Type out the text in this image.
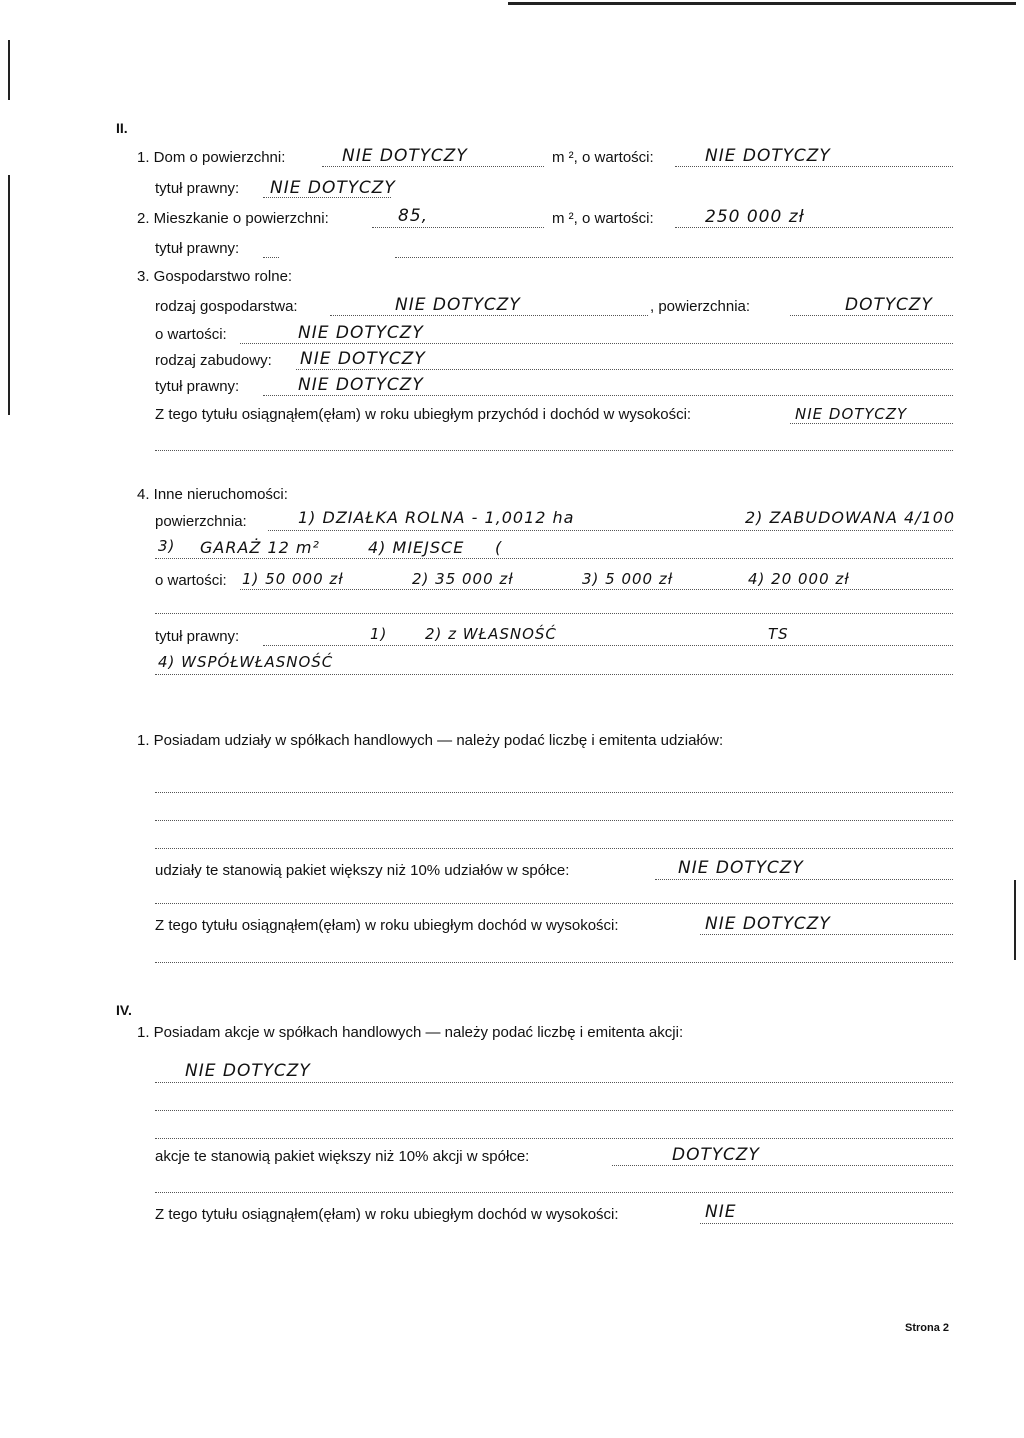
II.
1. Dom o powierzchni:	NIE DOTYCZY	m ², o wartości:	NIE DOTYCZY
tytuł prawny: NIE DOTYCZY
2. Mieszkanie o powierzchni:	85,	m ², o wartości:	250 000 zł
tytuł prawny:
3. Gospodarstwo rolne:
rodzaj gospodarstwa:	NIE DOTYCZY	, powierzchnia:	DOTYCZY
o wartości:	NIE DOTYCZY
rodzaj zabudowy: NIE DOTYCZY
tytuł prawny:	NIE DOTYCZY
Z tego tytułu osiągnąłem(ęłam) w roku ubiegłym przychód i dochód w wysokości:	NIE DOTYCZY
4. Inne nieruchomości:
powierzchnia:	1) DZIAŁKA ROLNA - 1,0012 ha	2) ZABUDOWANA 4/100
3) GARAŻ 12 m²	4) MIEJSCE (
o wartości: 1) 50 000 zł	2) 35 000 zł	3) 5 000 zł	4) 20 000 zł
tytuł prawny:	1)	2) z WŁASNOŚĆ	TS
4) WSPÓŁWŁASNOŚĆ
1. Posiadam udziały w spółkach handlowych — należy podać liczbę i emitenta udziałów:
udziały te stanowią pakiet większy niż 10% udziałów w spółce:	NIE DOTYCZY
Z tego tytułu osiągnąłem(ęłam) w roku ubiegłym dochód w wysokości:	NIE DOTYCZY
IV.
1. Posiadam akcje w spółkach handlowych — należy podać liczbę i emitenta akcji:
NIE DOTYCZY
akcje te stanowią pakiet większy niż 10% akcji w spółce:	DOTYCZY
Z tego tytułu osiągnąłem(ęłam) w roku ubiegłym dochód w wysokości:	NIE
Strona 2
